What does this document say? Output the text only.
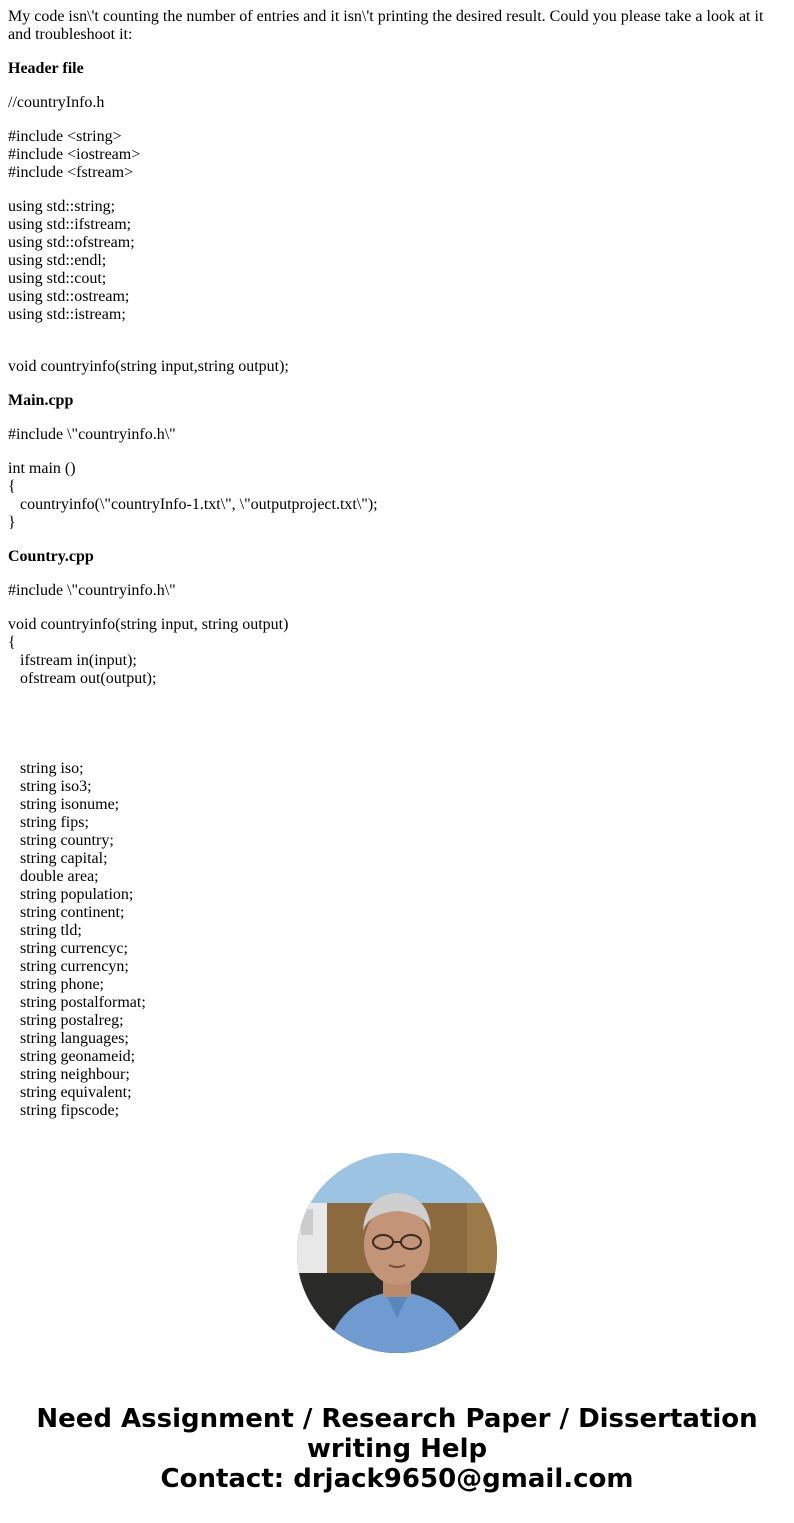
My code isn\'t counting the number of entries and it isn\'t printing the desired result. Could you please take a look at it and troubleshoot it:

Header file

//countryInfo.h

#include <string>
#include <iostream>
#include <fstream>

using std::string;
using std::ifstream;
using std::ofstream;
using std::endl;
using std::cout;
using std::ostream;
using std::istream;

void countryinfo(string input,string output);

Main.cpp

#include \"countryinfo.h\"

int main ()
{
countryinfo(\"countryInfo-1.txt\", \"outputproject.txt\");
}

Country.cpp

#include \"countryinfo.h\"

void countryinfo(string input, string output)
{
ifstream in(input);
ofstream out(output);
string iso;
string iso3;
string isonume;
string fips;
string country;
string capital;
double area;
string population;
string continent;
string tld;
string currencyc;
string currencyn;
string phone;
string postalformat;
string postalreg;
string languages;
string geonameid;
string neighbour;
string equivalent;
string fipscode;

Need Assignment / Research Paper / Dissertation
writing Help
Contact: drjack9650@gmail.com
